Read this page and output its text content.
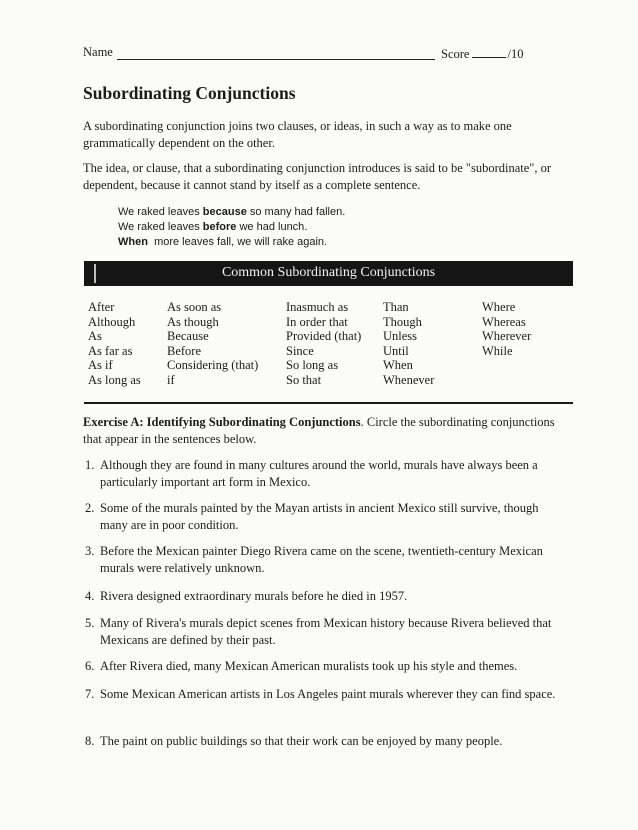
Name	Score	/10
Subordinating Conjunctions
A subordinating conjunction joins two clauses, or ideas, in such a way as to make one grammatically dependent on the other.
The idea, or clause, that a subordinating conjunction introduces is said to be "subordinate", or dependent, because it cannot stand by itself as a complete sentence.
We raked leaves because so many had fallen.
We raked leaves before we had lunch.
When  more leaves fall, we will rake again.
Common Subordinating Conjunctions
After
Although
As
As far as
As if
As long as
As soon as
As though
Because
Before
Considering (that)
if
Inasmuch as
In order that
Provided (that)
Since
So long as
So that
Than
Though
Unless
Until
When
Whenever
Where
Whereas
Wherever
While
Exercise A: Identifying Subordinating Conjunctions. Circle the subordinating conjunctions that appear in the sentences below.
1. Although they are found in many cultures around the world, murals have always been a particularly important art form in Mexico.
2. Some of the murals painted by the Mayan artists in ancient Mexico still survive, though many are in poor condition.
3. Before the Mexican painter Diego Rivera came on the scene, twentieth-century Mexican murals were relatively unknown.
4. Rivera designed extraordinary murals before he died in 1957.
5. Many of Rivera's murals depict scenes from Mexican history because Rivera believed that Mexicans are defined by their past.
6. After Rivera died, many Mexican American muralists took up his style and themes.
7. Some Mexican American artists in Los Angeles paint murals wherever they can find space.
8. The paint on public buildings so that their work can be enjoyed by many people.
